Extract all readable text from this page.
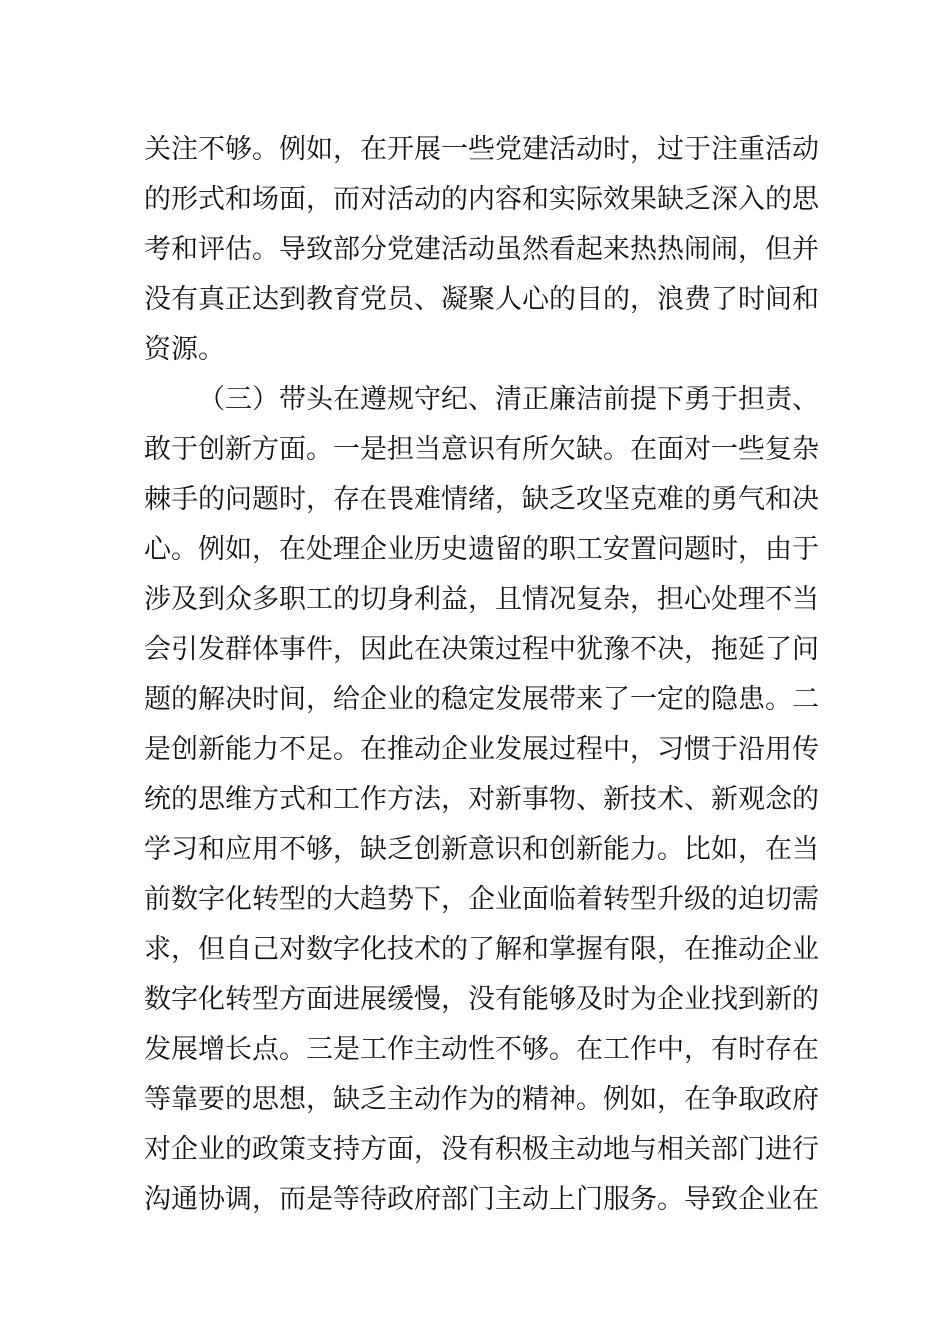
关注不够。例如，在开展一些党建活动时，过于注重活动
的形式和场面，而对活动的内容和实际效果缺乏深入的思
考和评估。导致部分党建活动虽然看起来热热闹闹，但并
没有真正达到教育党员、凝聚人心的目的，浪费了时间和
资源。
（三）带头在遵规守纪、清正廉洁前提下勇于担责、
敢于创新方面。一是担当意识有所欠缺。在面对一些复杂
棘手的问题时，存在畏难情绪，缺乏攻坚克难的勇气和决
心。例如，在处理企业历史遗留的职工安置问题时，由于
涉及到众多职工的切身利益，且情况复杂，担心处理不当
会引发群体事件，因此在决策过程中犹豫不决，拖延了问
题的解决时间，给企业的稳定发展带来了一定的隐患。二
是创新能力不足。在推动企业发展过程中，习惯于沿用传
统的思维方式和工作方法，对新事物、新技术、新观念的
学习和应用不够，缺乏创新意识和创新能力。比如，在当
前数字化转型的大趋势下，企业面临着转型升级的迫切需
求，但自己对数字化技术的了解和掌握有限，在推动企业
数字化转型方面进展缓慢，没有能够及时为企业找到新的
发展增长点。三是工作主动性不够。在工作中，有时存在
等靠要的思想，缺乏主动作为的精神。例如，在争取政府
对企业的政策支持方面，没有积极主动地与相关部门进行
沟通协调，而是等待政府部门主动上门服务。导致企业在
